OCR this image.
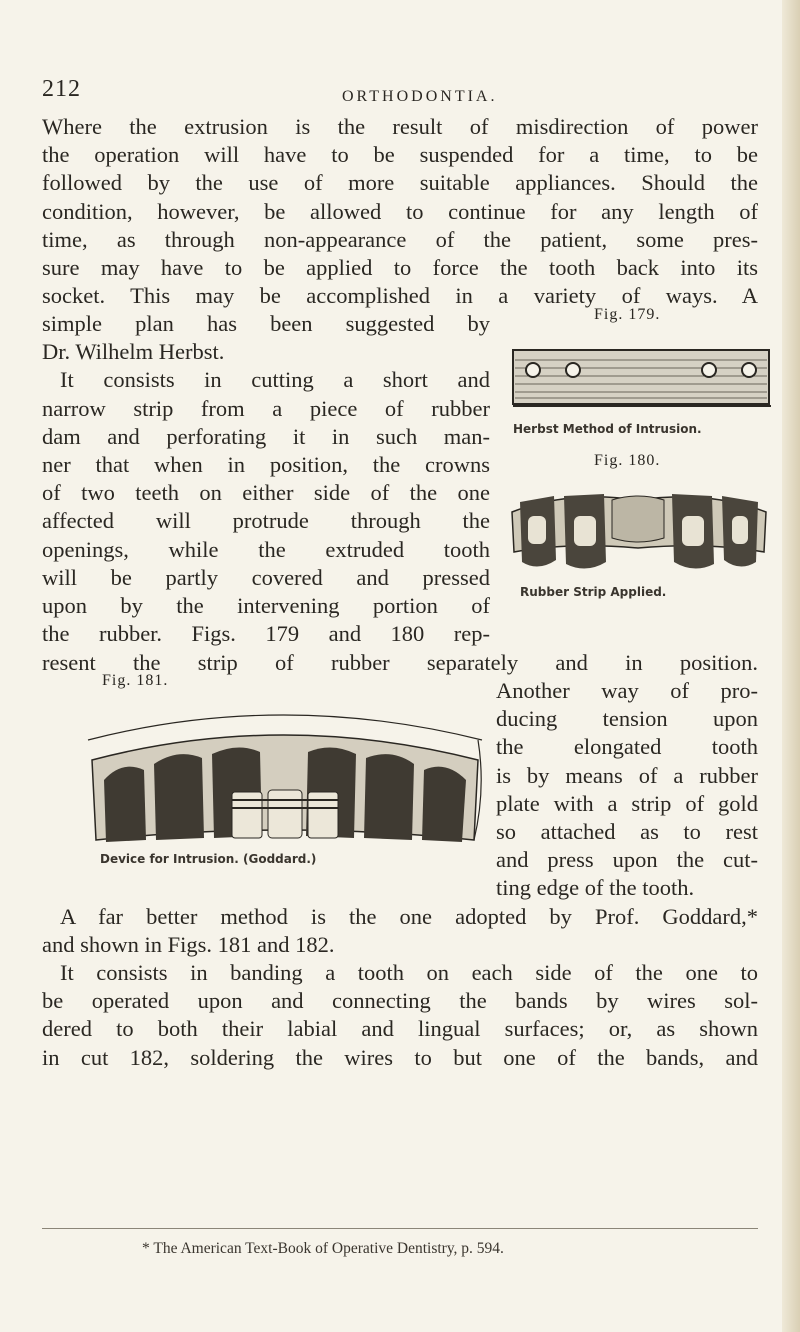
212	ORTHODONTIA.
Where the extrusion is the result of misdirection of power
the operation will have to be suspended for a time, to be
followed by the use of more suitable appliances. Should the
condition, however, be allowed to continue for any length of
time, as through non-appearance of the patient, some pres-
sure may have to be applied to force the tooth back into its
socket. This may be accomplished in a variety of ways. A
simple plan has been suggested by
Dr. Wilhelm Herbst.
It consists in cutting a short and
narrow strip from a piece of rubber
dam and perforating it in such man-
ner that when in position, the crowns
of two teeth on either side of the one
affected will protrude through the
openings, while the extruded tooth
will be partly covered and pressed
upon by the intervening portion of
the rubber. Figs. 179 and 180 rep-
resent the strip of rubber separately and in position.
Another way of pro-
ducing tension upon
the elongated tooth
is by means of a rubber
plate with a strip of gold
so attached as to rest
and press upon the cut-
ting edge of the tooth.
A far better method is the one adopted by Prof. Goddard,*
and shown in Figs. 181 and 182.
It consists in banding a tooth on each side of the one to
be operated upon and connecting the bands by wires sol-
dered to both their labial and lingual surfaces; or, as shown
in cut 182, soldering the wires to but one of the bands, and
Fig. 179.
Herbst Method of Intrusion.
Fig. 180.
Rubber Strip Applied.
Fig. 181.
Device for Intrusion. (Goddard.)
* The American Text-Book of Operative Dentistry, p. 594.
